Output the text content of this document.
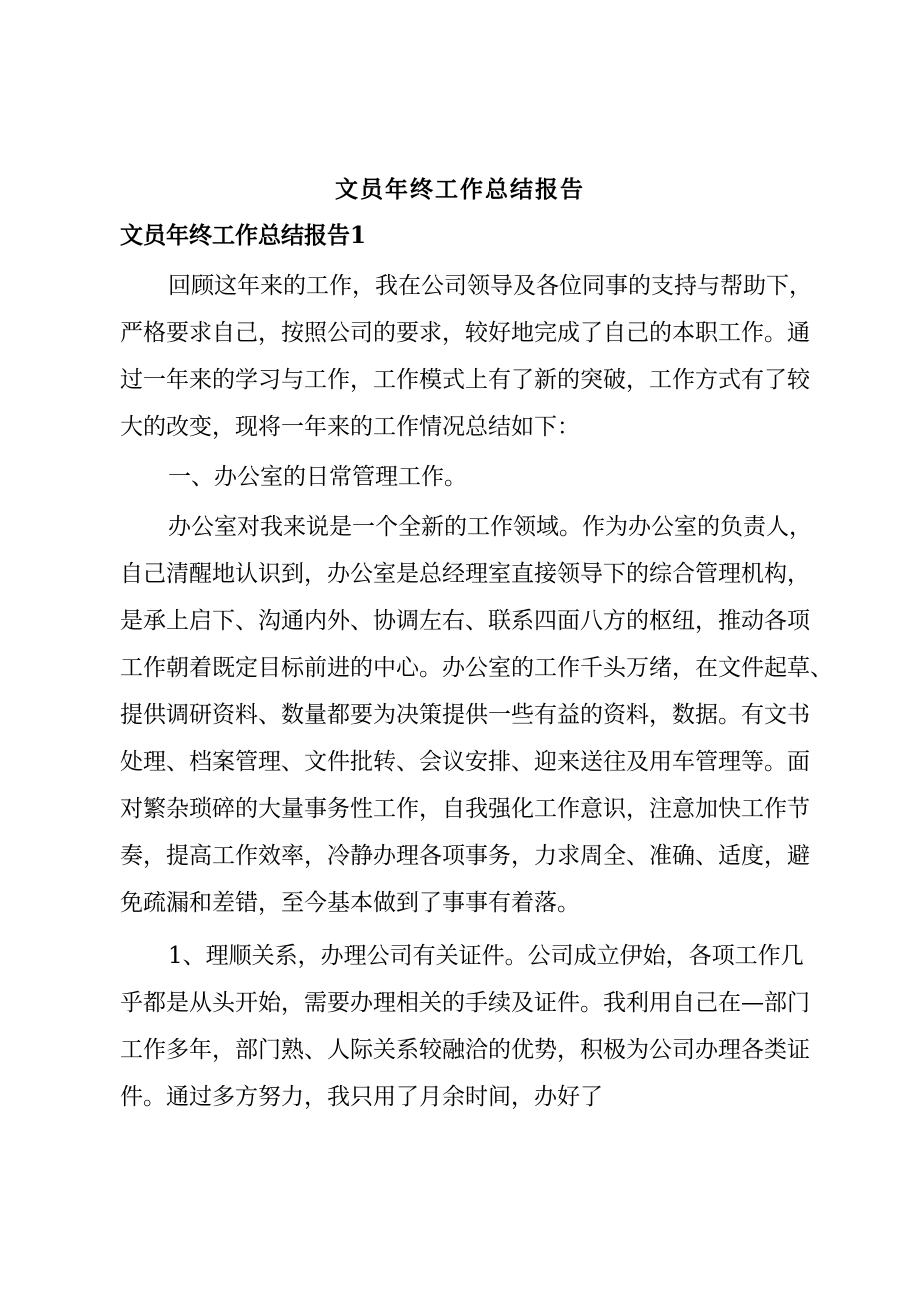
文员年终工作总结报告
文员年终工作总结报告1

回顾这年来的工作，我在公司领导及各位同事的支持与帮助下，

严格要求自己，按照公司的要求，较好地完成了自己的本职工作。通

过一年来的学习与工作，工作模式上有了新的突破，工作方式有了较

大的改变，现将一年来的工作情况总结如下：

一、办公室的日常管理工作。

办公室对我来说是一个全新的工作领域。作为办公室的负责人，

自己清醒地认识到，办公室是总经理室直接领导下的综合管理机构，

是承上启下、沟通内外、协调左右、联系四面八方的枢纽，推动各项

工作朝着既定目标前进的中心。办公室的工作千头万绪，在文件起草、

提供调研资料、数量都要为决策提供一些有益的资料，数据。有文书

处理、档案管理、文件批转、会议安排、迎来送往及用车管理等。面

对繁杂琐碎的大量事务性工作，自我强化工作意识，注意加快工作节

奏，提高工作效率，冷静办理各项事务，力求周全、准确、适度，避

免疏漏和差错，至今基本做到了事事有着落。

1、理顺关系，办理公司有关证件。公司成立伊始，各项工作几

乎都是从头开始，需要办理相关的手续及证件。我利用自己在—部门

工作多年，部门熟、人际关系较融洽的优势，积极为公司办理各类证

件。通过多方努力，我只用了月余时间，办好了
